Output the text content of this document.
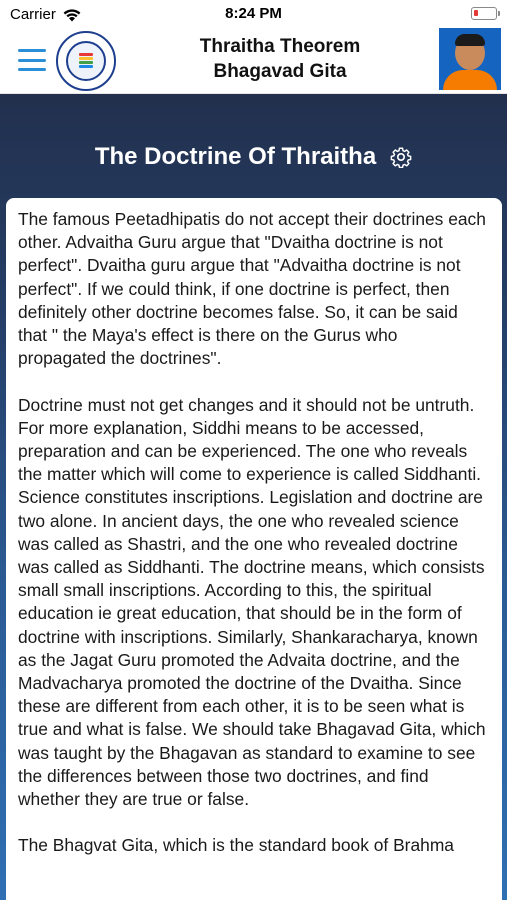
Carrier	8:24 PM
Thraitha Theorem
Bhagavad Gita
The Doctrine Of Thraitha

The famous Peetadhipatis do not accept their doctrines each other. Advaitha Guru argue that "Dvaitha doctrine is not perfect". Dvaitha guru argue that "Advaitha doctrine is not perfect". If we could think, if one doctrine is perfect, then definitely other doctrine becomes false. So, it can be said that " the Maya's effect is there on the Gurus who propagated the doctrines".

Doctrine must not get changes and it should not be untruth. For more explanation, Siddhi means to be accessed, preparation and can be experienced. The one who reveals the matter which will come to experience is called Siddhanti. Science constitutes inscriptions. Legislation and doctrine are two alone. In ancient days, the one who revealed science was called as Shastri, and the one who revealed doctrine was called as Siddhanti. The doctrine means, which consists small small inscriptions. According to this, the spiritual education ie great education, that should be in the form of doctrine with inscriptions. Similarly, Shankaracharya, known as the Jagat Guru promoted the Advaita doctrine, and the Madvacharya promoted the doctrine of the Dvaitha. Since these are different from each other, it is to be seen what is true and what is false. We should take Bhagavad Gita, which was taught by the Bhagavan as standard to examine to see the differences between those two doctrines, and find whether they are true or false.

The Bhagvat Gita, which is the standard book of Brahma
